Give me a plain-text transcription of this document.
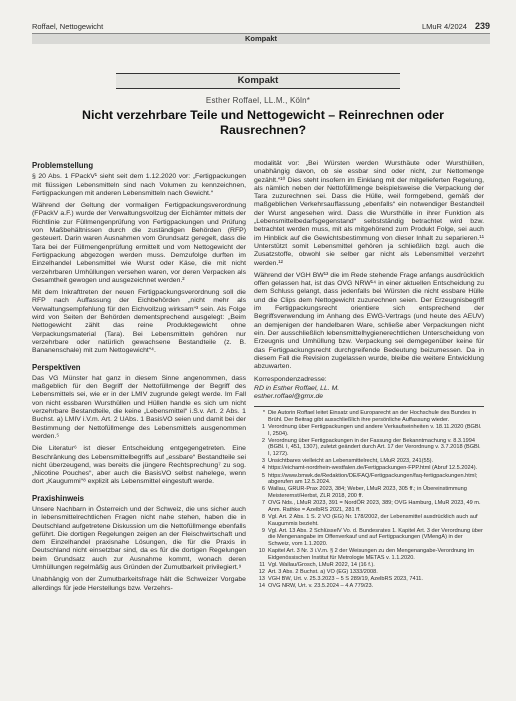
Roffael, Nettogewicht	LMuR 4/2024 239
Kompakt
Kompakt
Esther Roffael, LL.M., Köln*
Nicht verzehrbare Teile und Nettogewicht – Reinrechnen oder Rausrechnen?
Problemstellung

§ 20 Abs. 1 FPackV¹ sieht seit dem 1.12.2020 vor: „Fertigpackungen mit flüssigen Lebensmitteln sind nach Volumen zu kennzeichnen, Fertigpackungen mit anderen Lebensmitteln nach Gewicht.“

Während der Geltung der vormaligen Fertigpackungsverordnung (FPackV a.F.) wurde der Verwaltungsvollzug der Eichämter mittels der Richtlinie zur Füllmengenprüfung von Fertigpackungen und Prüfung von Maßbehältnissen durch die zuständigen Behörden (RFP) gesteuert. Darin waren Ausnahmen vom Grundsatz geregelt, dass die Tara bei der Füllmengenprüfung ermittelt und vom Nettogewicht der Fertigpackung abgezogen werden muss. Demzufolge durften im Einzelhandel Lebensmittel wie Wurst oder Käse, die mit nicht verzehrbaren Umhüllungen versehen waren, vor deren Verpacken als Gesamtheit gewogen und ausgezeichnet werden.²

Mit dem Inkrafttreten der neuen Fertigpackungsverordnung soll die RFP nach Auffassung der Eichbehörden „nicht mehr als Verwaltungsempfehlung für den Eichvollzug wirksam“³ sein. Als Folge wird von Seiten der Behörden dementsprechend ausgelegt: „Beim Nettogewicht zählt das reine Produktegewicht ohne Verpackungsmaterial (Tara). Bei Lebensmitteln gehören nur verzehrbare oder natürlich gewachsene Bestandteile (z. B. Bananenschale) mit zum Nettogewicht“⁴.

Perspektiven

Das VG Münster hat ganz in diesem Sinne angenommen, dass maßgeblich für den Begriff der Nettofüllmenge der Begriff des Lebensmittels sei, wie er in der LMIV zugrunde gelegt werde. Im Fall von nicht essbaren Wursthüllen und Hüllen handle es sich um nicht verzehrbare Bestandteile, die keine „Lebensmittel“ i.S.v. Art. 2 Abs. 1 Buchst. a) LMIV i.V.m. Art. 2 UAbs. 1 BasisVO seien und damit bei der Bestimmung der Nettofüllmenge des Lebensmittels ausgenommen werden.⁵

Die Literatur⁶ ist dieser Entscheidung entgegengetreten. Eine Beschränkung des Lebensmittelbegriffs auf „essbare“ Bestandteile sei nicht überzeugend, was bereits die jüngere Rechtsprechung⁷ zu sog. „Nicotine Pouches“, aber auch die BasisVO selbst nahelege, wenn dort „Kaugummi“⁸ explizit als Lebensmittel eingestuft werde.

Praxishinweis

Unsere Nachbarn in Österreich und der Schweiz, die uns sicher auch in lebensmittelrechtlichen Fragen nicht nahe stehen, haben die in Deutschland aufgetretene Diskussion um die Nettofüllmenge ebenfalls geführt. Die dortigen Regelungen zeigen an der Fleischwirtschaft und dem Einzelhandel praxisnahe Lösungen, die für die Praxis in Deutschland nicht einsetzbar sind, da es für die dortigen Regelungen beim Grundsatz auch zur Ausnahme kommt, wonach deren Umhüllungen regelmäßig aus Gründen der Zumutbarkeit privilegiert.⁹

Unabhängig von der Zumutbarkeitsfrage hält die Schweizer Vorgabe allerdings für jede Herstellungs bzw. Verzehrs-

modalität vor: „Bei Würsten werden Wursthäute oder Wursthüllen, unabhängig davon, ob sie essbar sind oder nicht, zur Nettomenge gezählt.“¹⁰ Dies steht insofern im Einklang mit der mitgelieferten Regelung, als nämlich neben der Nettofüllmenge beispielsweise die Verpackung der Tara zuzurechnen sei. Dass die Hülle, weil formgebend, gemäß der maßgeblichen Verkehrsauffassung „ebenfalls“ ein notwendiger Bestandteil der Wurst angesehen wird. Dass die Wursthülle in ihrer Funktion als „Lebensmittelbedarfsgegenstand“ selbstständig betrachtet wird bzw. betrachtet werden muss, mit als mitgehörend zum Produkt Folge, sei auch im Hinblick auf die Gewichtsbestimmung von dieser Inhalt zu separieren.¹¹ Unterstützt somit Lebensmittel gehören ja schließlich bzgl. auch die Zusatzstoffe, obwohl sie selber gar nicht als Lebensmittel verzehrt werden.¹²

Während der VGH BW¹³ die im Rede stehende Frage anfangs ausdrücklich offen gelassen hat, ist das OVG NRW¹⁴ in einer aktuellen Entscheidung zu dem Schluss gelangt, dass jedenfalls bei Würsten die nicht essbare Hülle und die Clips dem Nettogewicht zuzurechnen seien. Der Erzeugnisbegriff im Fertigpackungsrecht orientiere sich entsprechend der Begriffsverwendung im Anhang des EWG-Vertrags (und heute des AEUV) an demjenigen der handelbaren Ware, schließe aber Verpackungen nicht ein. Der ausschließlich lebensmittelhygienerechtlichen Unterscheidung von Erzeugnis und Umhüllung bzw. Verpackung sei demgegenüber keine für das Fertigpackungsrecht durchgreifende Bedeutung beizumessen. Da in diesem Fall die Revision zugelassen wurde, bleibe die weitere Entwicklung abzuwarten.

Korrespondenzadresse:
RD in Esther Roffael, LL. M.
esther.roffael@gmx.de
* Die Autorin Roffael leitet Einsatz und Europarecht an der Hochschule des Bundes in Brühl. Der Beitrag gibt ausschließlich ihre persönliche Auffassung wieder.
1 Verordnung über Fertigpackungen und andere Verkaufseinheiten v. 18.11.2020 (BGBl. I, 2504).
2 Verordnung über Fertigpackungen in der Fassung der Bekanntmachung v. 8.3.1994 (BGBl. I, 451, 1307), zuletzt geändert durch Art. 17 der Verordnung v. 3.7.2018 (BGBl. I, 1272).
3 Unsichtbares vielleicht an Lebensmittelrecht, LMuR 2023, 241(55).
4 https://eichamt-nordrhein-westfalen.de/Fertigpackungen-FPP.html (Abruf 12.5.2024).
5 https://www.bmwk.de/Redaktion/DE/FAQ/Fertigpackungen/faq-fertigpackungen.html; abgerufen am 12.5.2024.
6 Wallau, GRUR-Prax 2023, 384; Weber, LMuR 2023, 305 ff.; in Übereinstimmung Meisterernst/Herbst, ZLR 2018, 200 ff.
7 OVG Nds., LMuR 2023, 391 = NordÖR 2023, 389; OVG Hamburg, LMuR 2023, 49 m. Anm. Rathke = AzelbRS 2021, 281 ff.
8 Vgl. Art. 2 Abs. 1 S. 2 VO (EG) Nr. 178/2002, der Lebensmittel ausdrücklich auch auf Kaugummis bezieht.
9 Vgl. Art. 13 Abs. 2 SchlüsselV Vo. d. Bundesrates 1. Kapitel Art. 3 der Verordnung über die Mengenangabe im Offenverkauf und auf Fertigpackungen (VMengA) in der Schweiz, vom 1.1.2020.
10 Kapitel Art. 3 Nr. 3 i.V.m. § 2 der Weisungen zu den Mengenangabe-Verordnung im Eidgenössischen Institut für Metrologie METAS v. 1.1.2020.
11 Vgl. Wallau/Grosch, LMuR 2022, 14 (16 f.).
12 Art. 3 Abs. 2 Buchst. a) VO (EG) 1333/2008.
13 VGH BW, Urt. v. 25.3.2023 – 5 S 289/19, AzelbRS 2023, 7411.
14 OVG NRW, Urt. v. 23.5.2024 – 4 A 779/23.
